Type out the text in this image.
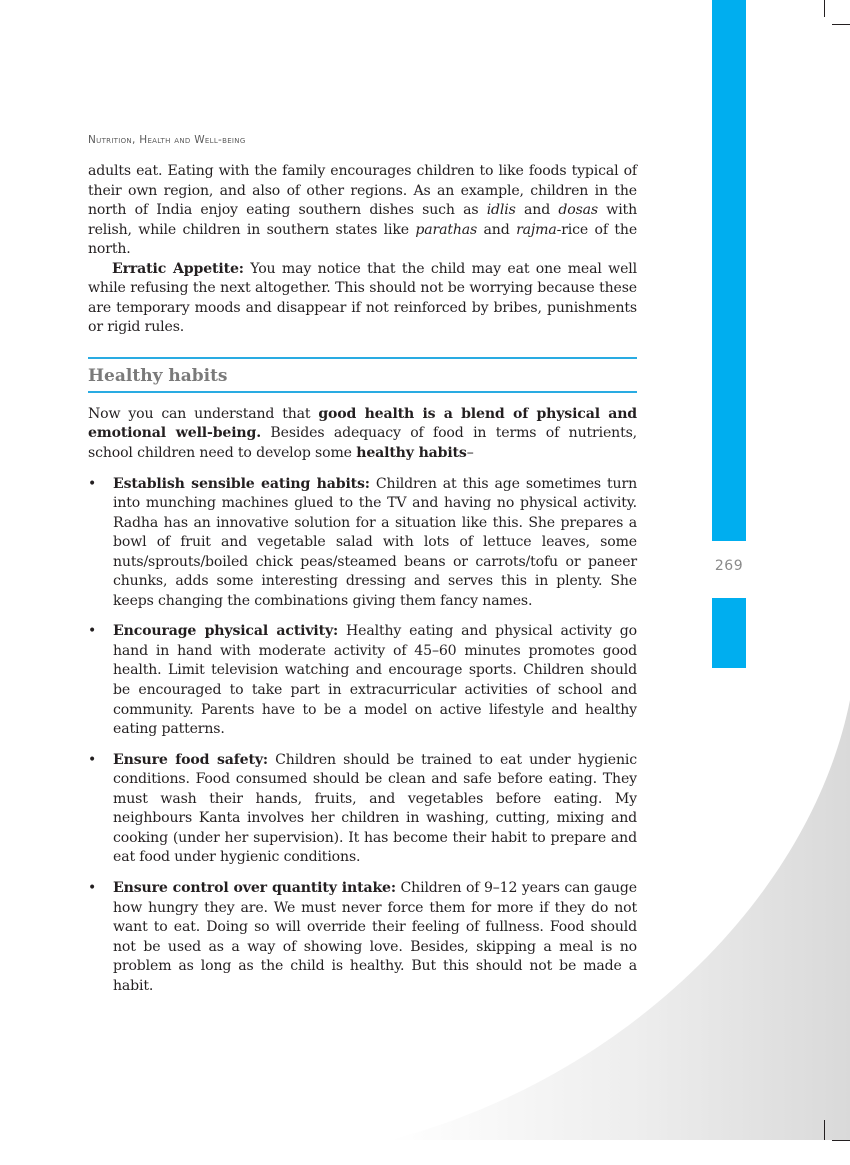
269
Nutrition, Health and Well-being

adults eat. Eating with the family encourages children to like foods typical of their own region, and also of other regions. As an example, children in the north of India enjoy eating southern dishes such as idlis and dosas with relish, while children in southern states like parathas and rajma-rice of the north.

Erratic Appetite: You may notice that the child may eat one meal well while refusing the next altogether. This should not be worrying because these are temporary moods and disappear if not reinforced by bribes, punishments or rigid rules.

Healthy habits

Now you can understand that good health is a blend of physical and emotional well-being. Besides adequacy of food in terms of nutrients, school children need to develop some healthy habits–

• Establish sensible eating habits: Children at this age sometimes turn into munching machines glued to the TV and having no physical activity. Radha has an innovative solution for a situation like this. She prepares a bowl of fruit and vegetable salad with lots of lettuce leaves, some nuts/sprouts/boiled chick peas/steamed beans or carrots/tofu or paneer chunks, adds some interesting dressing and serves this in plenty. She keeps changing the combinations giving them fancy names.

• Encourage physical activity: Healthy eating and physical activity go hand in hand with moderate activity of 45–60 minutes promotes good health. Limit television watching and encourage sports. Children should be encouraged to take part in extracurricular activities of school and community. Parents have to be a model on active lifestyle and healthy eating patterns.

• Ensure food safety: Children should be trained to eat under hygienic conditions. Food consumed should be clean and safe before eating. They must wash their hands, fruits, and vegetables before eating. My neighbours Kanta involves her children in washing, cutting, mixing and cooking (under her supervision). It has become their habit to prepare and eat food under hygienic conditions.

• Ensure control over quantity intake: Children of 9–12 years can gauge how hungry they are. We must never force them for more if they do not want to eat. Doing so will override their feeling of fullness. Food should not be used as a way of showing love. Besides, skipping a meal is no problem as long as the child is healthy. But this should not be made a habit.
